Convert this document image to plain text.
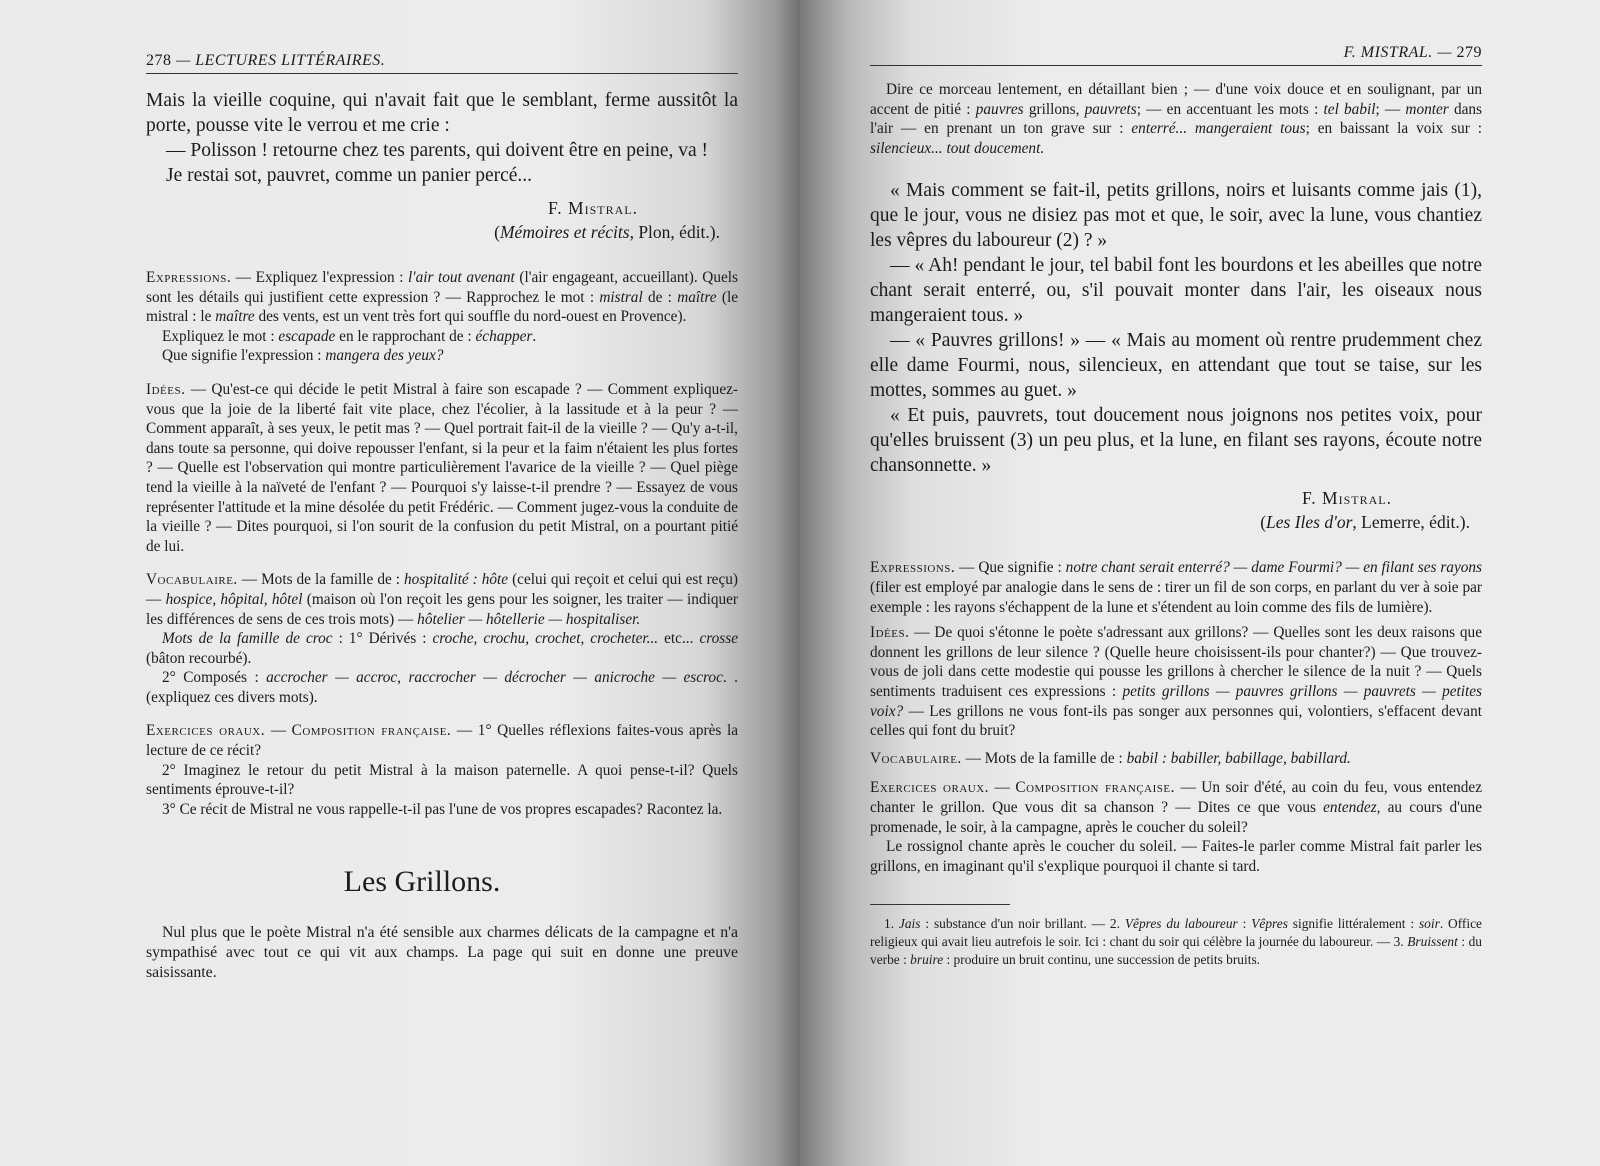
278 — LECTURES LITTÉRAIRES.

Mais la vieille coquine, qui n'avait fait que le semblant, ferme aussitôt la porte, pousse vite le verrou et me crie :

— Polisson ! retourne chez tes parents, qui doivent être en peine, va !

Je restai sot, pauvret, comme un panier percé...

F. Mistral.
(Mémoires et récits, Plon, édit.).

Expressions. — Expliquez l'expression : l'air tout avenant (l'air engageant, accueillant). Quels sont les détails qui justifient cette expression ? — Rapprochez le mot : mistral de : maître (le mistral : le maître des vents, est un vent très fort qui souffle du nord-ouest en Provence).

Expliquez le mot : escapade en le rapprochant de : échapper.

Que signifie l'expression : mangera des yeux?

Idées. — Qu'est-ce qui décide le petit Mistral à faire son escapade ? — Comment expliquez-vous que la joie de la liberté fait vite place, chez l'écolier, à la lassitude et à la peur ? — Comment apparaît, à ses yeux, le petit mas ? — Quel portrait fait-il de la vieille ? — Qu'y a-t-il, dans toute sa personne, qui doive repousser l'enfant, si la peur et la faim n'étaient les plus fortes ? — Quelle est l'observation qui montre particulièrement l'avarice de la vieille ? — Quel piège tend la vieille à la naïveté de l'enfant ? — Pourquoi s'y laisse-t-il prendre ? — Essayez de vous représenter l'attitude et la mine désolée du petit Frédéric. — Comment jugez-vous la conduite de la vieille ? — Dites pourquoi, si l'on sourit de la confusion du petit Mistral, on a pourtant pitié de lui.

Vocabulaire. — Mots de la famille de : hospitalité : hôte (celui qui reçoit et celui qui est reçu) — hospice, hôpital, hôtel (maison où l'on reçoit les gens pour les soigner, les traiter — indiquer les différences de sens de ces trois mots) — hôtelier — hôtellerie — hospitaliser.

Mots de la famille de croc : 1° Dérivés : croche, crochu, crochet, crocheter... etc... crosse (bâton recourbé).

2° Composés : accrocher — accroc, raccrocher — décrocher — anicroche — escroc. . (expliquez ces divers mots).

Exercices oraux. — Composition française. — 1° Quelles réflexions faites-vous après la lecture de ce récit?

2° Imaginez le retour du petit Mistral à la maison paternelle. A quoi pense-t-il? Quels sentiments éprouve-t-il?

3° Ce récit de Mistral ne vous rappelle-t-il pas l'une de vos propres escapades? Racontez la.

Les Grillons.

Nul plus que le poète Mistral n'a été sensible aux charmes délicats de la campagne et n'a sympathisé avec tout ce qui vit aux champs. La page qui suit en donne une preuve saisissante.

F. MISTRAL. — 279

Dire ce morceau lentement, en détaillant bien ; — d'une voix douce et en soulignant, par un accent de pitié : pauvres grillons, pauvrets; — en accentuant les mots : tel babil; — monter dans l'air — en prenant un ton grave sur : enterré... mangeraient tous; en baissant la voix sur : silencieux... tout doucement.

« Mais comment se fait-il, petits grillons, noirs et luisants comme jais (1), que le jour, vous ne disiez pas mot et que, le soir, avec la lune, vous chantiez les vêpres du laboureur (2) ? »

— « Ah! pendant le jour, tel babil font les bourdons et les abeilles que notre chant serait enterré, ou, s'il pouvait monter dans l'air, les oiseaux nous mangeraient tous. »

— « Pauvres grillons! » — « Mais au moment où rentre prudemment chez elle dame Fourmi, nous, silencieux, en attendant que tout se taise, sur les mottes, sommes au guet. »

« Et puis, pauvrets, tout doucement nous joignons nos petites voix, pour qu'elles bruissent (3) un peu plus, et la lune, en filant ses rayons, écoute notre chansonnette. »

F. Mistral.
(Les Iles d'or, Lemerre, édit.).

Expressions. — Que signifie : notre chant serait enterré? — dame Fourmi? — en filant ses rayons (filer est employé par analogie dans le sens de : tirer un fil de son corps, en parlant du ver à soie par exemple : les rayons s'échappent de la lune et s'étendent au loin comme des fils de lumière).

Idées. — De quoi s'étonne le poète s'adressant aux grillons? — Quelles sont les deux raisons que donnent les grillons de leur silence ? (Quelle heure choisissent-ils pour chanter?) — Que trouvez-vous de joli dans cette modestie qui pousse les grillons à chercher le silence de la nuit ? — Quels sentiments traduisent ces expressions : petits grillons — pauvres grillons — pauvrets — petites voix? — Les grillons ne vous font-ils pas songer aux personnes qui, volontiers, s'effacent devant celles qui font du bruit?

Vocabulaire. — Mots de la famille de : babil : babiller, babillage, babillard.

Exercices oraux. — Composition française. — Un soir d'été, au coin du feu, vous entendez chanter le grillon. Que vous dit sa chanson ? — Dites ce que vous entendez, au cours d'une promenade, le soir, à la campagne, après le coucher du soleil?

Le rossignol chante après le coucher du soleil. — Faites-le parler comme Mistral fait parler les grillons, en imaginant qu'il s'explique pourquoi il chante si tard.

1. Jais : substance d'un noir brillant. — 2. Vêpres du laboureur : Vêpres signifie littéralement : soir. Office religieux qui avait lieu autrefois le soir. Ici : chant du soir qui célèbre la journée du laboureur. — 3. Bruissent : du verbe : bruire : produire un bruit continu, une succession de petits bruits.
